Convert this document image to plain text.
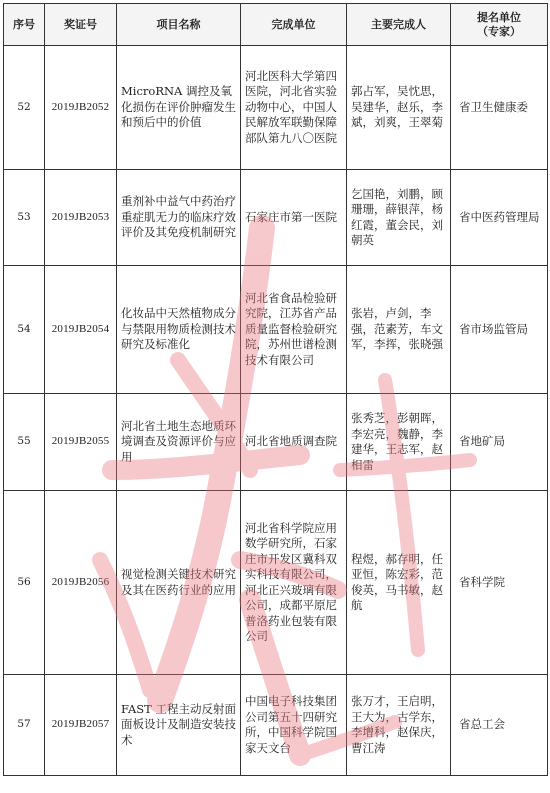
序号	奖证号	项目名称	完成单位	主要完成人	提名单位
（专家）

52	2019JB2052	MicroRNA 调控及氧化损伤在评价肿瘤发生和预后中的价值	河北医科大学第四医院，河北省实验动物中心，中国人民解放军联勤保障部队第九八〇医院	郭占军，吴忱思，吴建华，赵乐，李斌，刘爽，王翠菊	省卫生健康委
53	2019JB2053	重剂补中益气中药治疗重症肌无力的临床疗效评价及其免疫机制研究	石家庄市第一医院	乞国艳，刘鹏，顾珊珊，薛银萍，杨红霞，董会民，刘朝英	省中医药管理局
54	2019JB2054	化妆品中天然植物成分与禁限用物质检测技术研究及标准化	河北省食品检验研究院，江苏省产品质量监督检验研究院，苏州世谱检测技术有限公司	张岩，卢剑，李强，范素芳，车文军，李挥，张晓强	省市场监管局
55	2019JB2055	河北省土地生态地质环境调查及资源评价与应用	河北省地质调查院	张秀芝，彭朝晖，李宏亮，魏静，李建华，王志军，赵相雷	省地矿局
56	2019JB2056	视觉检测关键技术研究及其在医药行业的应用	河北省科学院应用数学研究所，石家庄市开发区冀科双实科技有限公司，河北正兴玻璃有限公司，成都平原尼普洛药业包装有限公司	程煜，郝存明，任亚恒，陈宏彩，范俊英，马书敏，赵航	省科学院
57	2019JB2057	FAST 工程主动反射面面板设计及制造安装技术	中国电子科技集团公司第五十四研究所，中国科学院国家天文台	张万才，王启明，王大为，古学东，李增科，赵保庆，曹江涛	省总工会
